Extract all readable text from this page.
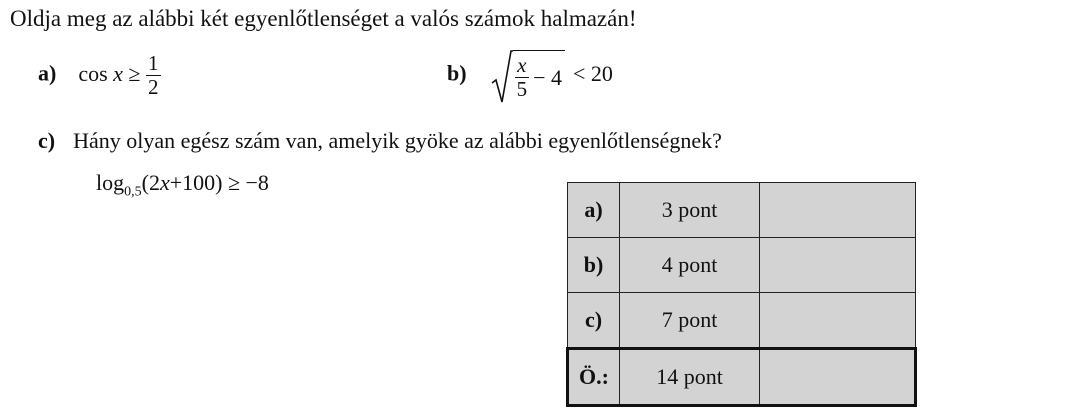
Oldja meg az alábbi két egyenlőtlenséget a valós számok halmazán!
a) $\cos x \ge \frac{1}{2}$	$b) \frac{x}{5} - 4 < 20$
c) Hány olyan egész szám van, amelyik gyöke az alábbi egyenlőtlenségnek?
$\log_{0,5}(2x+100) \ge -8$
a)	3 pont	
b)	4 pont	
c)	7 pont	
Ö.:	14 pont	
